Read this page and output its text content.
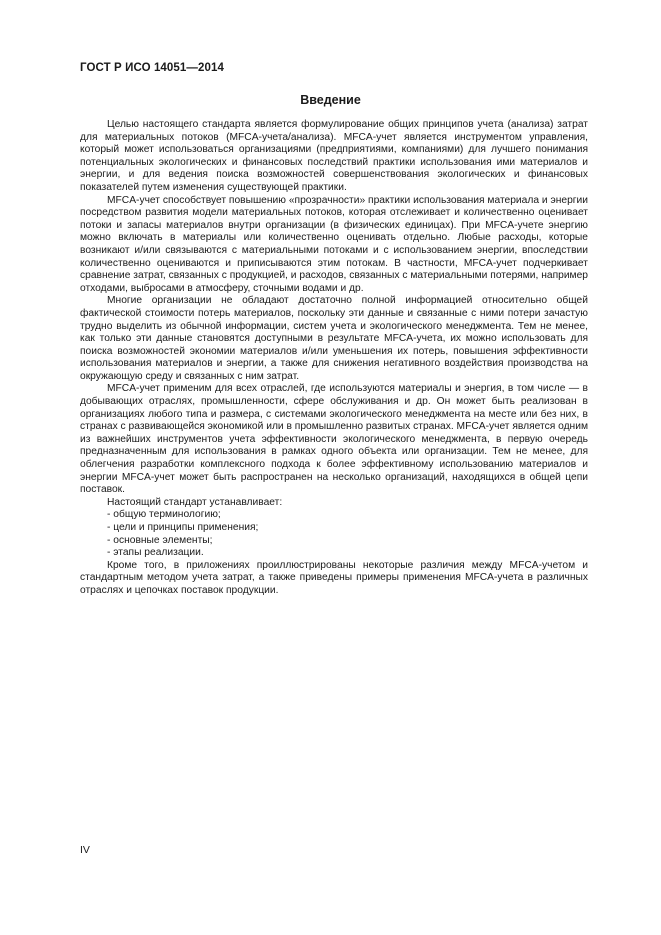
ГОСТ Р ИСО 14051—2014
Введение

Целью настоящего стандарта является формулирование общих принципов учета (анализа) затрат для материальных потоков (MFCA-учета/анализа). MFCA-учет является инструментом управления, который может использоваться организациями (предприятиями, компаниями) для лучшего понимания потенциальных экологических и финансовых последствий практики использования ими материалов и энергии, и для ведения поиска возможностей совершенствования экологических и финансовых показателей путем изменения существующей практики.

MFCA-учет способствует повышению «прозрачности» практики использования материала и энергии посредством развития модели материальных потоков, которая отслеживает и количественно оценивает потоки и запасы материалов внутри организации (в физических единицах). При MFCA-учете энергию можно включать в материалы или количественно оценивать отдельно. Любые расходы, которые возникают и/или связываются с материальными потоками и с использованием энергии, впоследствии количественно оцениваются и приписываются этим потокам. В частности, MFCA-учет подчеркивает сравнение затрат, связанных с продукцией, и расходов, связанных с материальными потерями, например отходами, выбросами в атмосферу, сточными водами и др.

Многие организации не обладают достаточно полной информацией относительно общей фактической стоимости потерь материалов, поскольку эти данные и связанные с ними потери зачастую трудно выделить из обычной информации, систем учета и экологического менеджмента. Тем не менее, как только эти данные становятся доступными в результате MFCA-учета, их можно использовать для поиска возможностей экономии материалов и/или уменьшения их потерь, повышения эффективности использования материалов и энергии, а также для снижения негативного воздействия производства на окружающую среду и связанных с ним затрат.

MFCA-учет применим для всех отраслей, где используются материалы и энергия, в том числе — в добывающих отраслях, промышленности, сфере обслуживания и др. Он может быть реализован в организациях любого типа и размера, с системами экологического менеджмента на месте или без них, в странах с развивающейся экономикой или в промышленно развитых странах. MFCA-учет является одним из важнейших инструментов учета эффективности экологического менеджмента, в первую очередь предназначенным для использования в рамках одного объекта или организации. Тем не менее, для облегчения разработки комплексного подхода к более эффективному использованию материалов и энергии MFCA-учет может быть распространен на несколько организаций, находящихся в общей цепи поставок.

Настоящий стандарт устанавливает:

- общую терминологию;
- цели и принципы применения;
- основные элементы;
- этапы реализации.

Кроме того, в приложениях проиллюстрированы некоторые различия между MFCA-учетом и стандартным методом учета затрат, а также приведены примеры применения MFCA-учета в различных отраслях и цепочках поставок продукции.

IV
